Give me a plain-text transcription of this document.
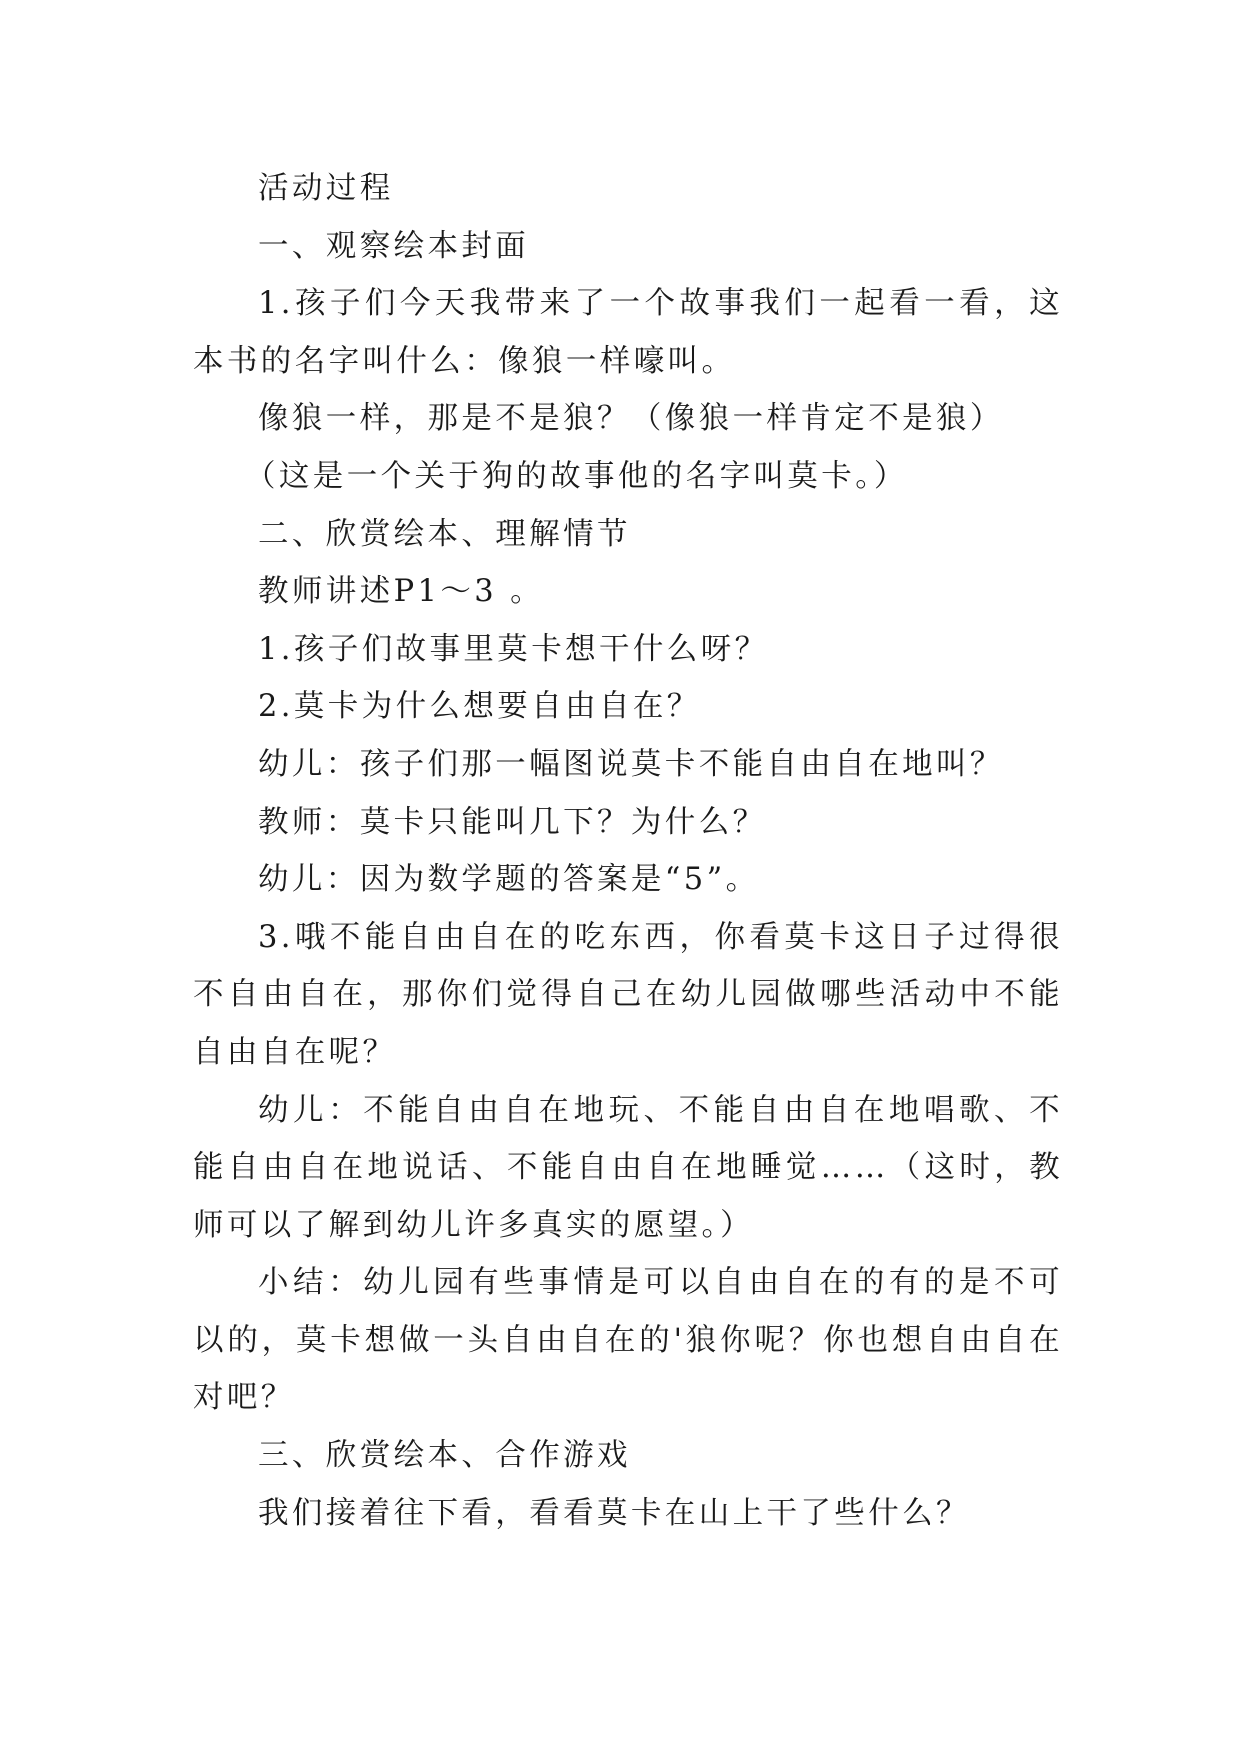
活动过程

一、观察绘本封面

1.孩子们今天我带来了一个故事我们一起看一看，这本书的名字叫什么：像狼一样嚎叫。

像狼一样，那是不是狼？（像狼一样肯定不是狼）

（这是一个关于狗的故事他的名字叫莫卡。）

二、欣赏绘本、理解情节

教师讲述P1～3 。

1.孩子们故事里莫卡想干什么呀？

2.莫卡为什么想要自由自在？

幼儿：孩子们那一幅图说莫卡不能自由自在地叫？

教师：莫卡只能叫几下？为什么？

幼儿：因为数学题的答案是“5”。

3.哦不能自由自在的吃东西，你看莫卡这日子过得很不自由自在，那你们觉得自己在幼儿园做哪些活动中不能自由自在呢？

幼儿：不能自由自在地玩、不能自由自在地唱歌、不能自由自在地说话、不能自由自在地睡觉……（这时，教师可以了解到幼儿许多真实的愿望。）

小结：幼儿园有些事情是可以自由自在的有的是不可以的，莫卡想做一头自由自在的'狼你呢？你也想自由自在对吧？

三、欣赏绘本、合作游戏

我们接着往下看，看看莫卡在山上干了些什么？
